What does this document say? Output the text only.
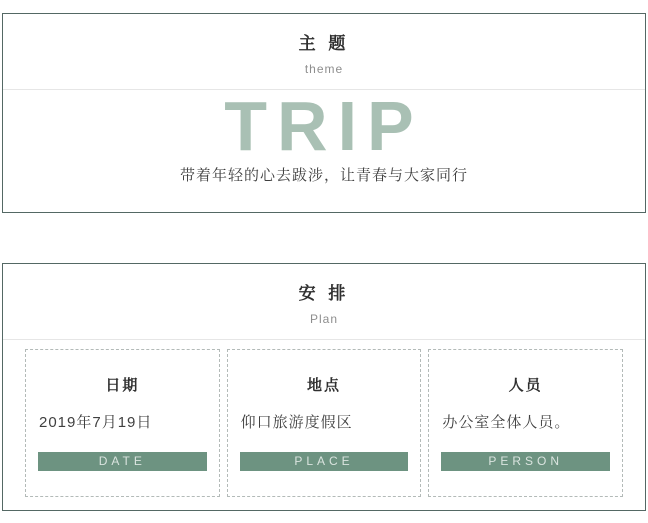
主 题
theme
TRIP
带着年轻的心去跋涉，让青春与大家同行
安 排
Plan
日期
2019年7月19日
DATE
地点
仰口旅游度假区
PLACE
人员
办公室全体人员。
PERSON
